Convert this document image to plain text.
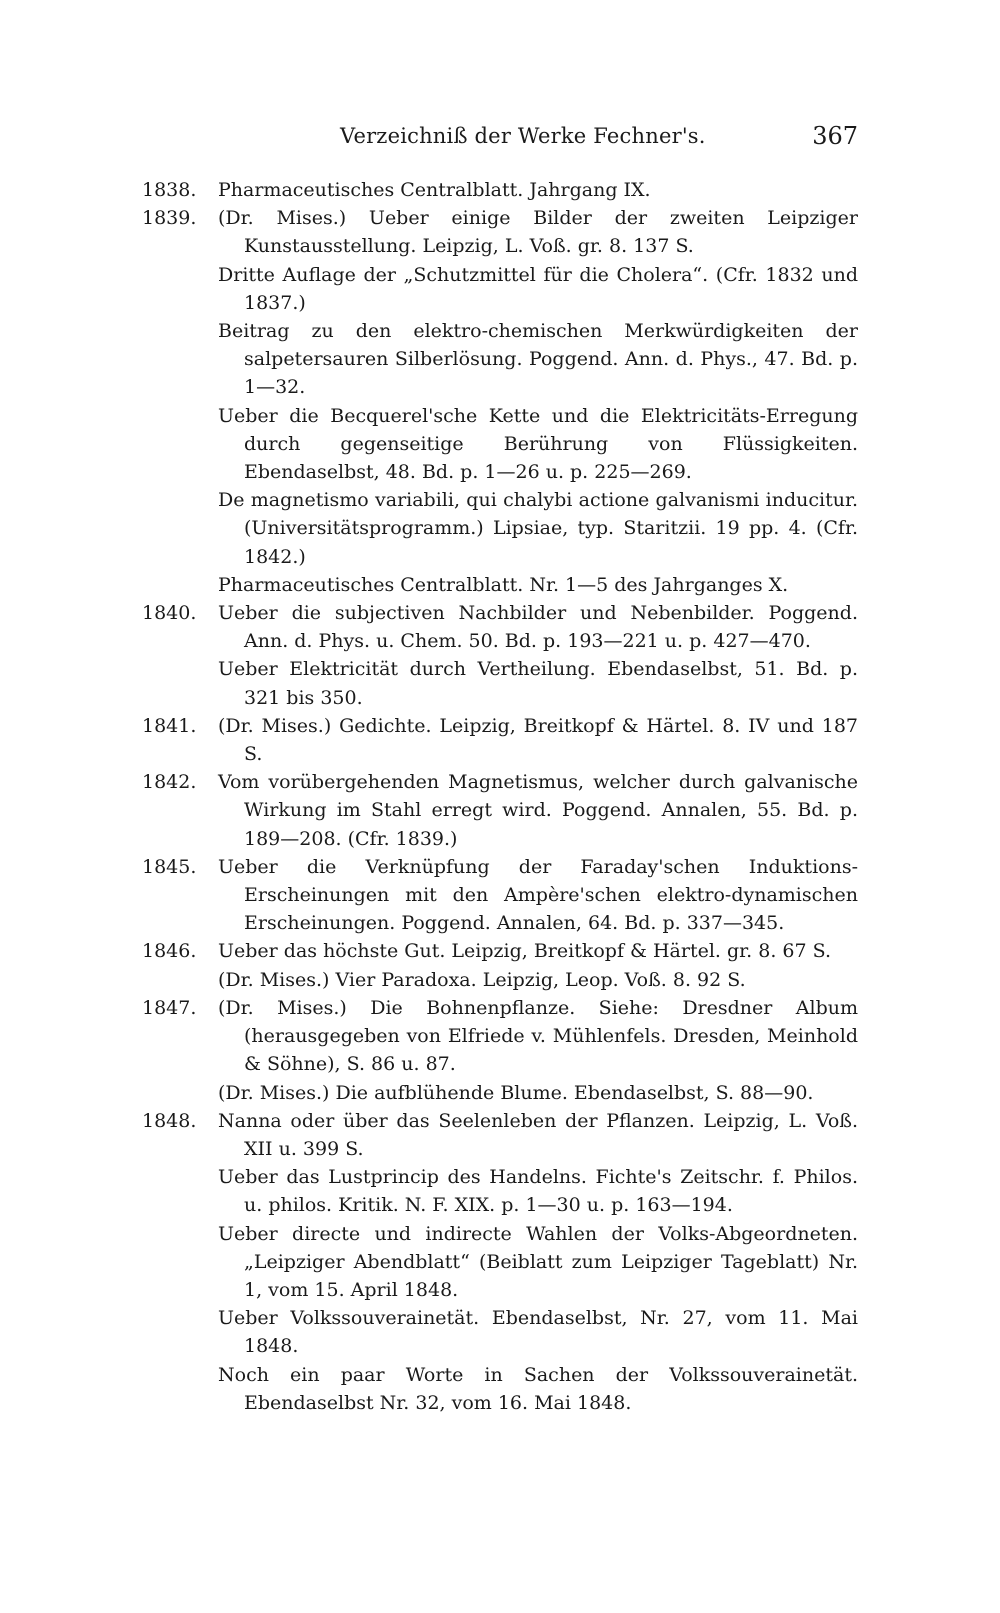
Verzeichniß der Werke Fechner's.	367
1838.	Pharmaceutisches Centralblatt. Jahrgang IX.
1839.	(Dr. Mises.) Ueber einige Bilder der zweiten Leipziger Kunstausstellung. Leipzig, L. Voß. gr. 8. 137 S.
Dritte Auflage der „Schutzmittel für die Cholera“. (Cfr. 1832 und 1837.)
Beitrag zu den elektro-chemischen Merkwürdigkeiten der salpetersauren Silberlösung. Poggend. Ann. d. Phys., 47. Bd. p. 1—32.
Ueber die Becquerel'sche Kette und die Elektricitäts-Erregung durch gegenseitige Berührung von Flüssigkeiten. Ebendaselbst, 48. Bd. p. 1—26 u. p. 225—269.
De magnetismo variabili, qui chalybi actione galvanismi inducitur. (Universitätsprogramm.) Lipsiae, typ. Staritzii. 19 pp. 4. (Cfr. 1842.)
Pharmaceutisches Centralblatt. Nr. 1—5 des Jahrganges X.
1840.	Ueber die subjectiven Nachbilder und Nebenbilder. Poggend. Ann. d. Phys. u. Chem. 50. Bd. p. 193—221 u. p. 427—470.
Ueber Elektricität durch Vertheilung. Ebendaselbst, 51. Bd. p. 321 bis 350.
1841.	(Dr. Mises.) Gedichte. Leipzig, Breitkopf & Härtel. 8. IV und 187 S.
1842.	Vom vorübergehenden Magnetismus, welcher durch galvanische Wirkung im Stahl erregt wird. Poggend. Annalen, 55. Bd. p. 189—208. (Cfr. 1839.)
1845.	Ueber die Verknüpfung der Faraday'schen Induktions-Erscheinungen mit den Ampère'schen elektro-dynamischen Erscheinungen. Poggend. Annalen, 64. Bd. p. 337—345.
1846.	Ueber das höchste Gut. Leipzig, Breitkopf & Härtel. gr. 8. 67 S.
(Dr. Mises.) Vier Paradoxa. Leipzig, Leop. Voß. 8. 92 S.
1847.	(Dr. Mises.) Die Bohnenpflanze. Siehe: Dresdner Album (herausgegeben von Elfriede v. Mühlenfels. Dresden, Meinhold & Söhne), S. 86 u. 87.
(Dr. Mises.) Die aufblühende Blume. Ebendaselbst, S. 88—90.
1848.	Nanna oder über das Seelenleben der Pflanzen. Leipzig, L. Voß. XII u. 399 S.
Ueber das Lustprincip des Handelns. Fichte's Zeitschr. f. Philos. u. philos. Kritik. N. F. XIX. p. 1—30 u. p. 163—194.
Ueber directe und indirecte Wahlen der Volks-Abgeordneten. „Leipziger Abendblatt“ (Beiblatt zum Leipziger Tageblatt) Nr. 1, vom 15. April 1848.
Ueber Volkssouverainetät. Ebendaselbst, Nr. 27, vom 11. Mai 1848.
Noch ein paar Worte in Sachen der Volkssouverainetät. Ebendaselbst Nr. 32, vom 16. Mai 1848.
